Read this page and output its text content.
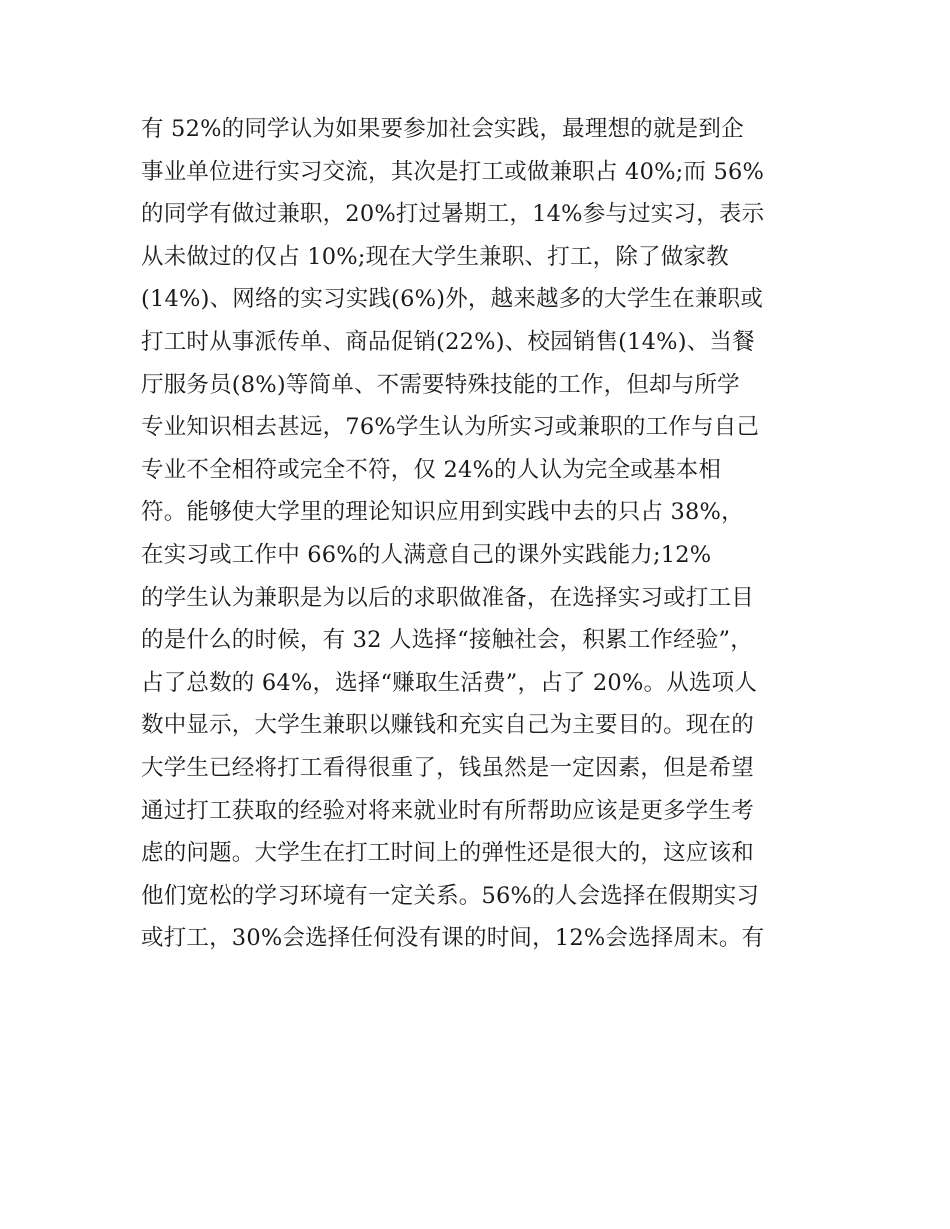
有 52%的同学认为如果要参加社会实践，最理想的就是到企
事业单位进行实习交流，其次是打工或做兼职占 40%;而 56%
的同学有做过兼职，20%打过暑期工，14%参与过实习，表示
从未做过的仅占 10%;现在大学生兼职、打工，除了做家教
(14%)、网络的实习实践(6%)外，越来越多的大学生在兼职或
打工时从事派传单、商品促销(22%)、校园销售(14%)、当餐
厅服务员(8%)等简单、不需要特殊技能的工作，但却与所学
专业知识相去甚远，76%学生认为所实习或兼职的工作与自己
专业不全相符或完全不符，仅 24%的人认为完全或基本相
符。能够使大学里的理论知识应用到实践中去的只占 38%，
在实习或工作中 66%的人满意自己的课外实践能力;12%
的学生认为兼职是为以后的求职做准备，在选择实习或打工目
的是什么的时候，有 32 人选择“接触社会，积累工作经验”，
占了总数的 64%，选择“赚取生活费”，占了 20%。从选项人
数中显示，大学生兼职以赚钱和充实自己为主要目的。现在的
大学生已经将打工看得很重了，钱虽然是一定因素，但是希望
通过打工获取的经验对将来就业时有所帮助应该是更多学生考
虑的问题。大学生在打工时间上的弹性还是很大的，这应该和
他们宽松的学习环境有一定关系。56%的人会选择在假期实习
或打工，30%会选择任何没有课的时间，12%会选择周末。有
